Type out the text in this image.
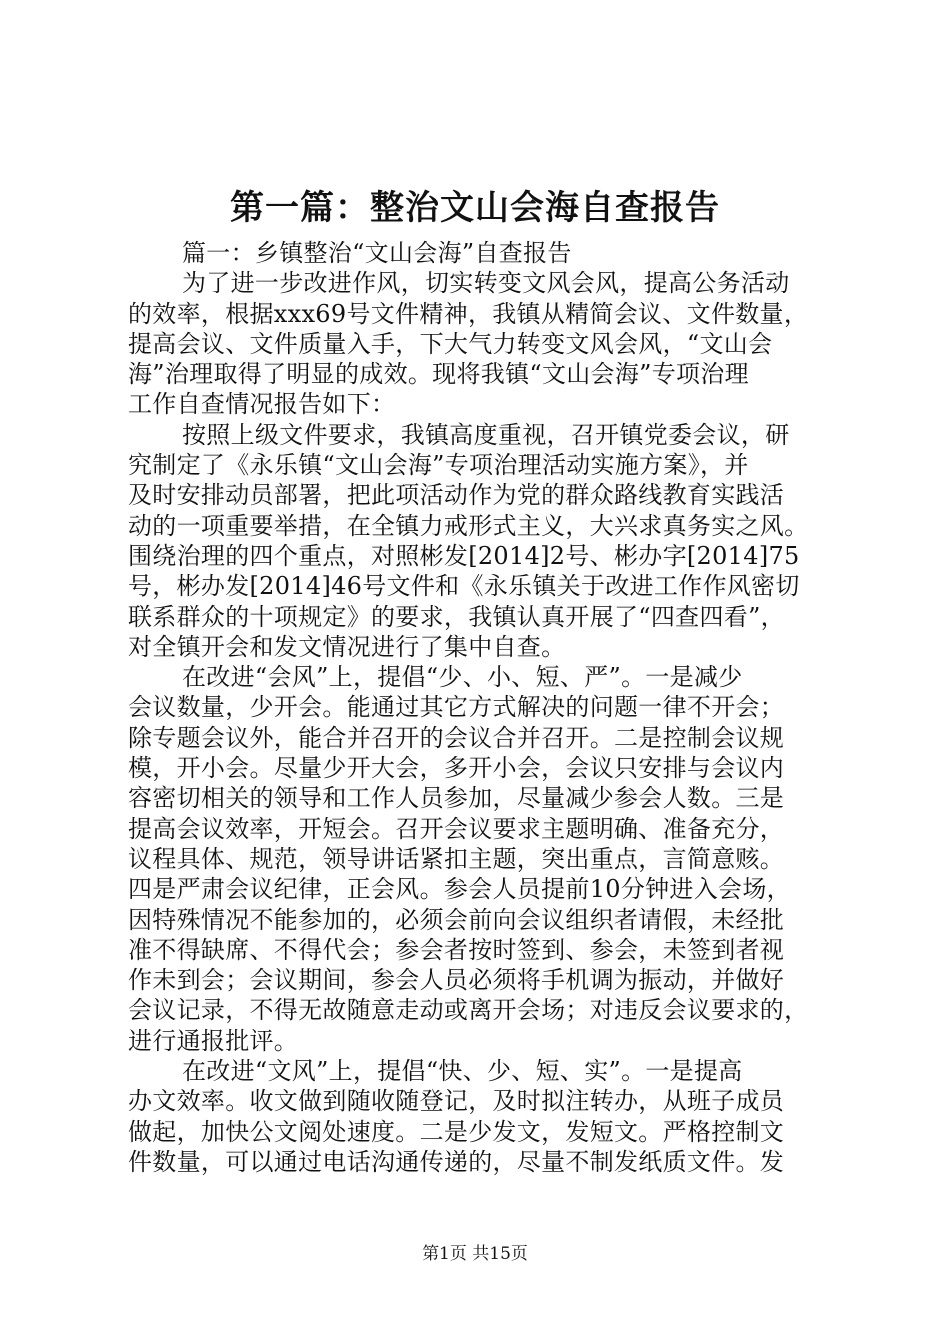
第一篇：整治文山会海自查报告
篇一：乡镇整治“文山会海”自查报告
为了进一步改进作风，切实转变文风会风，提高公务活动
的效率，根据xxx69号文件精神，我镇从精简会议、文件数量，
提高会议、文件质量入手，下大气力转变文风会风，“文山会
海”治理取得了明显的成效。现将我镇“文山会海”专项治理
工作自查情况报告如下：
按照上级文件要求，我镇高度重视，召开镇党委会议，研
究制定了《永乐镇“文山会海”专项治理活动实施方案》，并
及时安排动员部署，把此项活动作为党的群众路线教育实践活
动的一项重要举措，在全镇力戒形式主义，大兴求真务实之风。
围绕治理的四个重点，对照彬发[2014]2号、彬办字[2014]75
号，彬办发[2014]46号文件和《永乐镇关于改进工作作风密切
联系群众的十项规定》的要求，我镇认真开展了“四查四看”，
对全镇开会和发文情况进行了集中自查。
在改进“会风”上，提倡“少、小、短、严”。一是减少
会议数量，少开会。能通过其它方式解决的问题一律不开会；
除专题会议外，能合并召开的会议合并召开。二是控制会议规
模，开小会。尽量少开大会，多开小会，会议只安排与会议内
容密切相关的领导和工作人员参加，尽量减少参会人数。三是
提高会议效率，开短会。召开会议要求主题明确、准备充分，
议程具体、规范，领导讲话紧扣主题，突出重点，言简意赅。
四是严肃会议纪律，正会风。参会人员提前10分钟进入会场，
因特殊情况不能参加的，必须会前向会议组织者请假，未经批
准不得缺席、不得代会；参会者按时签到、参会，未签到者视
作未到会；会议期间，参会人员必须将手机调为振动，并做好
会议记录，不得无故随意走动或离开会场；对违反会议要求的，
进行通报批评。
在改进“文风”上，提倡“快、少、短、实”。一是提高
办文效率。收文做到随收随登记，及时拟注转办，从班子成员
做起，加快公文阅处速度。二是少发文，发短文。严格控制文
件数量，可以通过电话沟通传递的，尽量不制发纸质文件。发
第1页 共15页
